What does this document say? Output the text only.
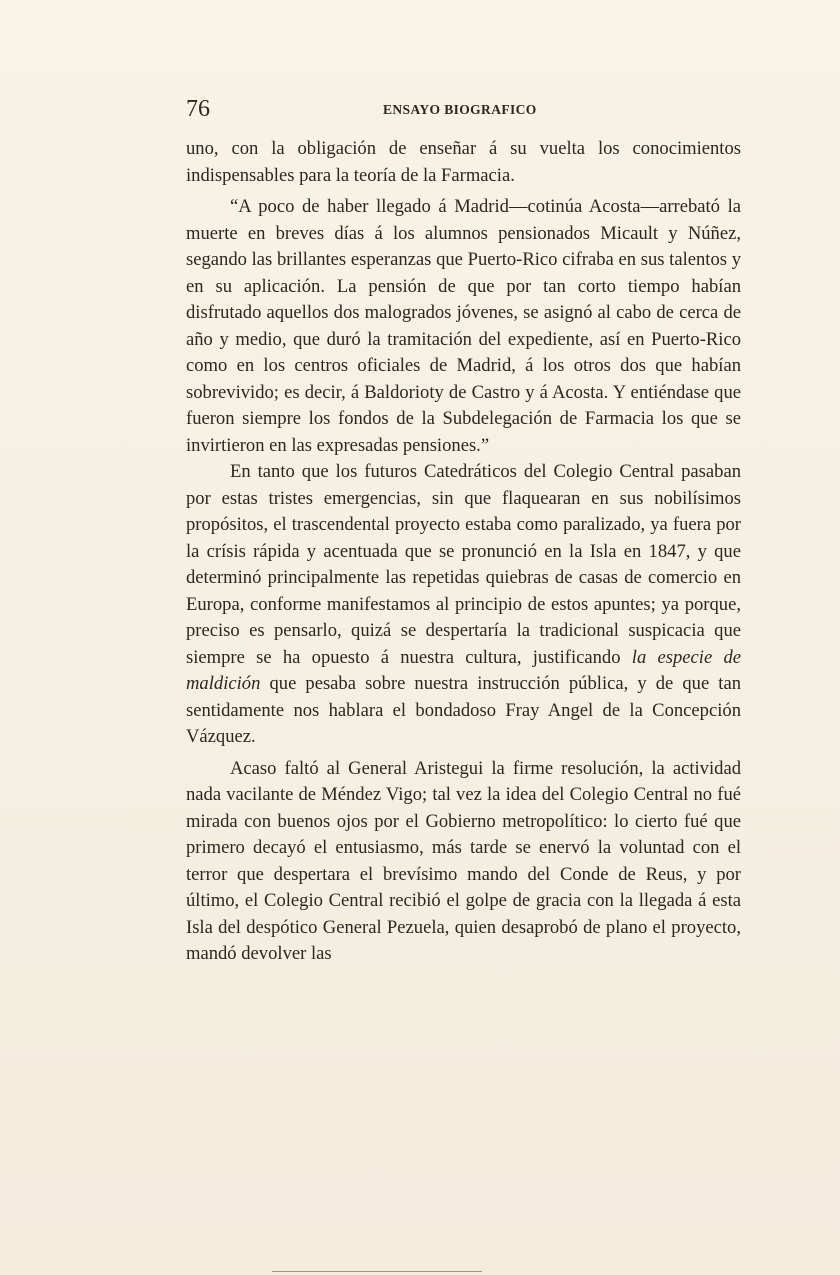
76	ENSAYO BIOGRAFICO

uno, con la obligación de enseñar á su vuelta los conocimientos indispensables para la teoría de la Farmacia.

“A poco de haber llegado á Madrid—cotinúa Acosta—arrebató la muerte en breves días á los alumnos pensionados Micault y Núñez, segando las brillantes esperanzas que Puerto-Rico cifraba en sus talentos y en su aplicación. La pensión de que por tan corto tiempo habían disfrutado aquellos dos malogrados jóvenes, se asignó al cabo de cerca de año y medio, que duró la tramitación del expediente, así en Puerto-Rico como en los centros oficiales de Madrid, á los otros dos que habían sobrevivido; es decir, á Baldorioty de Castro y á Acosta. Y entiéndase que fueron siempre los fondos de la Subdelegación de Farmacia los que se invirtieron en las expresadas pensiones.”

En tanto que los futuros Catedráticos del Colegio Central pasaban por estas tristes emergencias, sin que flaquearan en sus nobilísimos propósitos, el trascendental proyecto estaba como paralizado, ya fuera por la crísis rápida y acentuada que se pronunció en la Isla en 1847, y que determinó principalmente las repetidas quiebras de casas de comercio en Europa, conforme manifestamos al principio de estos apuntes; ya porque, preciso es pensarlo, quizá se despertaría la tradicional suspicacia que siempre se ha opuesto á nuestra cultura, justificando la especie de maldición que pesaba sobre nuestra instrucción pública, y de que tan sentidamente nos hablara el bondadoso Fray Angel de la Concepción Vázquez.

Acaso faltó al General Aristegui la firme resolución, la actividad nada vacilante de Méndez Vigo; tal vez la idea del Colegio Central no fué mirada con buenos ojos por el Gobierno metropolítico: lo cierto fué que primero decayó el entusiasmo, más tarde se enervó la voluntad con el terror que despertara el brevísimo mando del Conde de Reus, y por último, el Colegio Central recibió el golpe de gracia con la llegada á esta Isla del despótico General Pezuela, quien desaprobó de plano el proyecto, mandó devolver las
